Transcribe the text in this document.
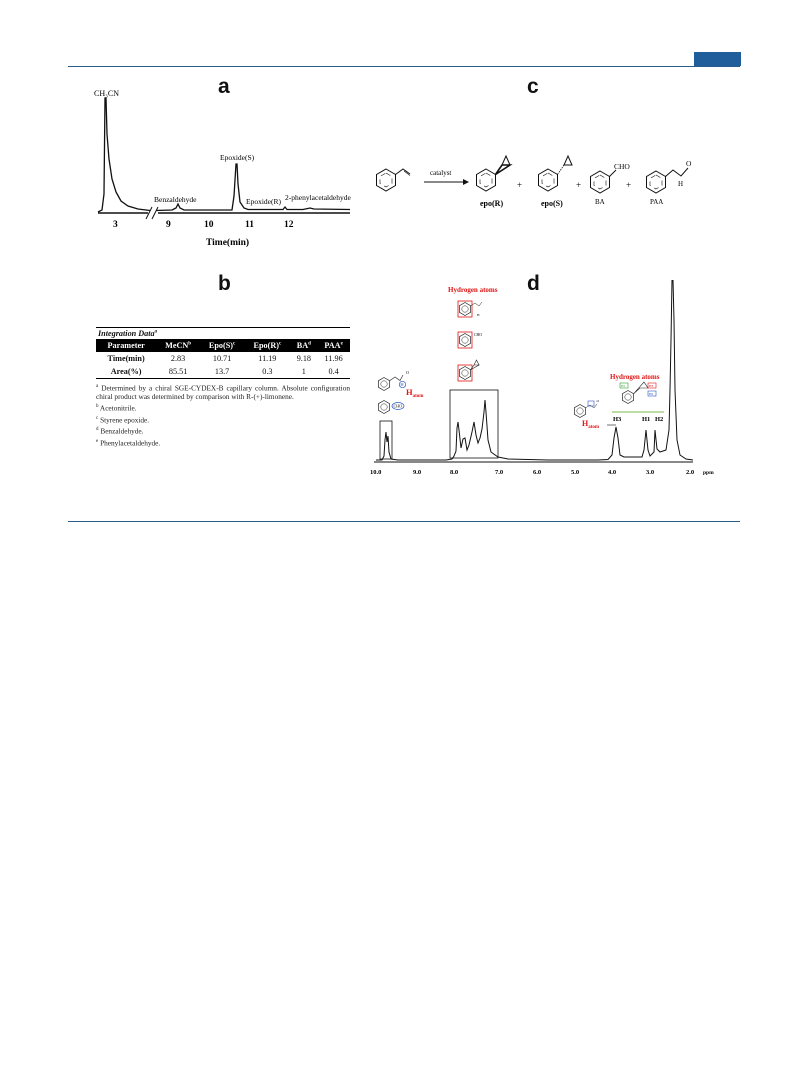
a	c
b	d
3	9	10	11	12
Time(min)
CH₃CN
Benzaldehyde
Epoxide(S)
Epoxide(R) 2-phenylacetaldehyde
Integration Data$^a$
Parameter	MeCN$^b$	$Epo(S)^c$	$Epo(R)^c$	$BA^d$	PAA$^e$
Time(min)	2.83	10.71	11.19	9.18	11.96
Area(%)	85.51	13.7	0.3	1	0.4

$^a$ Determined by a chiral SGE-CYDEX-B capillary column. Absolute configuration chiral product was determined by comparison with R-(+)-limonene.

$^b$ Acetonitrile.

$^c$ Styrene epoxide.

$^d$ Benzaldehyde.

$^e$ Phenylacetaldehyde.

catalyst
epo(R)
+
epo(S)
+
CHO
BA
+
O
H
PAA
10.0	9.0	8.0	7.0	6.0	5.0	4.0	3.0	2.0 ppm
O
H
$H_{atom}$
CHO
Hydrogen atoms
H
CHO
Hydrogen atoms
H1	H3
H2
H3	H1 H2
O
$H_{atom}$
